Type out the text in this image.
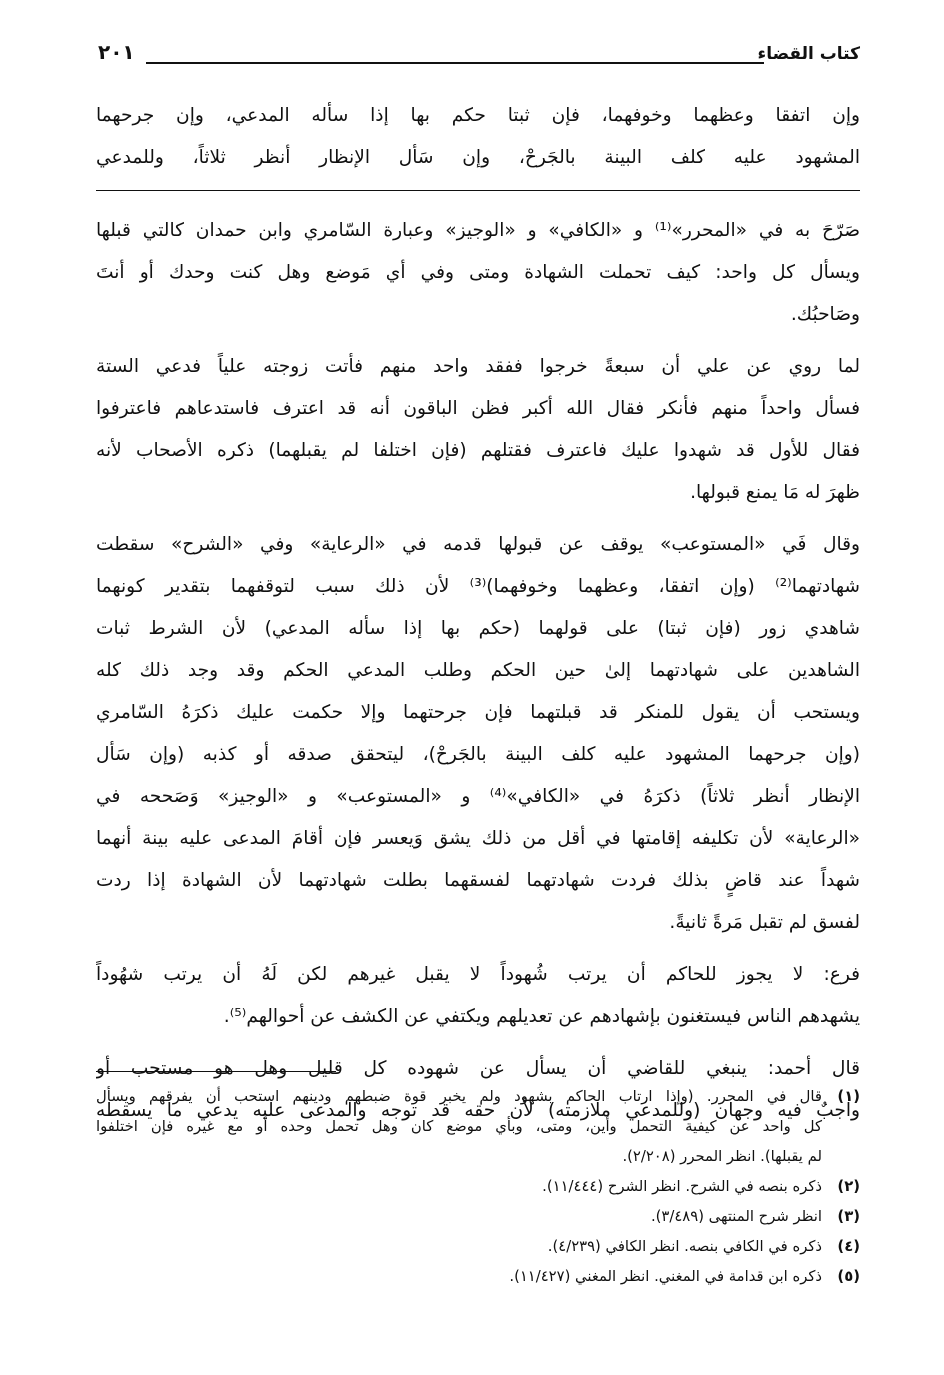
كتاب القضاء
٢٠١
وإن اتفقا وعظهما وخوفهما، فإن ثبتا حكم بها إذا سأله المدعي، وإن جرحهما
المشهود عليه كلف البينة بالجَرحْ، وإن سَأل الإنظار أنظر ثلاثاً، وللمدعي
صَرّحَ به في «المحرر»⁽¹⁾ و «الكافي» و «الوجيز» وعبارة السّامري وابن حمدان كالتي قبلها
ويسأل كل واحد: كيف تحملت الشهادة ومتى وفي أي مَوضع وهل كنت وحدك أو أنتَ
وصَاحبُك.
لما روي عن علي أن سبعةً خرجوا ففقد واحد منهم فأتت زوجته علياً فدعي الستة
فسأل واحداً منهم فأنكر فقال الله أكبر فظن الباقون أنه قد اعترف فاستدعاهم فاعترفوا
فقال للأول قد شهدوا عليك فاعترف فقتلهم (فإن اختلفا لم يقبلهما) ذكره الأصحاب لأنه
ظهرَ له مَا يمنع قبولها.
وقال فَي «المستوعب» يوقف عن قبولها قدمه في «الرعاية» وفي «الشرح» سقطت
شهادتهما⁽²⁾ (وإن اتفقا، وعظهما وخوفهما)⁽³⁾ لأن ذلك سبب لتوقفهما بتقدير كونهما
شاهدي زور (فإن ثبتا) على قولهما (حكم بها إذا سأله المدعي) لأن الشرط ثبات
الشاهدين على شهادتهما إلىٰ حين الحكم وطلب المدعي الحكم وقد وجد ذلك كله
ويستحب أن يقول للمنكر قد قبلتهما فإن جرحتهما وإلا حكمت عليك ذكرَهُ السّامري
(وإن جرحهما المشهود عليه كلف البينة بالجَرحْ)، ليتحقق صدقه أو كذبه (وإن سَأل
الإنظار أنظر ثلاثاً) ذكرَهُ في «الكافي»⁽⁴⁾ و «المستوعب» و «الوجيز» وَصَححه في
«الرعاية» لأن تكليفه إقامتها في أقل من ذلك يشق وَيعسر فإن أقامَ المدعى عليه بينة أنهما
شهداً عند قاضٍ بذلك فردت شهادتهما لفسقهما بطلت شهادتهما لأن الشهادة إذا ردت
لفسق لم تقبل مَرةً ثانيةً.
فرع: لا يجوز للحاكم أن يرتب شُهوداً لا يقبل غيرهم لكن لَهُ أن يرتب شهُوداً
يشهدهم الناس فيستغنون بإشهادهم عن تعديلهم ويكتفي عن الكشف عن أحوالهم⁽⁵⁾.
قال أحمد: ينبغي للقاضي أن يسأل عن شهوده كل قليل وهل هو مستحب أو
واجبٌ فيه وجهان (وللمدعي ملازمته) لأن حقه قد توجه والمدعى عليه يدعي ما يسقطه
(١)قال في المحرر. (وإذا ارتاب الحاكم بشهود ولم يخبر قوة ضبطهم ودينهم استحب أن يفرقهم ويسأل
كل واحد عن كيفية التحمل وأين، ومتى، وبأي موضع كان وهل تحمل وحده أو مع غيره فإن اختلفوا
لم يقبلها). انظر المحرر (٢/٢٠٨).
(٢)ذكره بنصه في الشرح. انظر الشرح (١١/٤٤٤).
(٣)انظر شرح المنتهى (٣/٤٨٩).
(٤)ذكره في الكافي بنصه. انظر الكافي (٤/٢٣٩).
(٥)ذكره ابن قدامة في المغني. انظر المغني (١١/٤٢٧).
